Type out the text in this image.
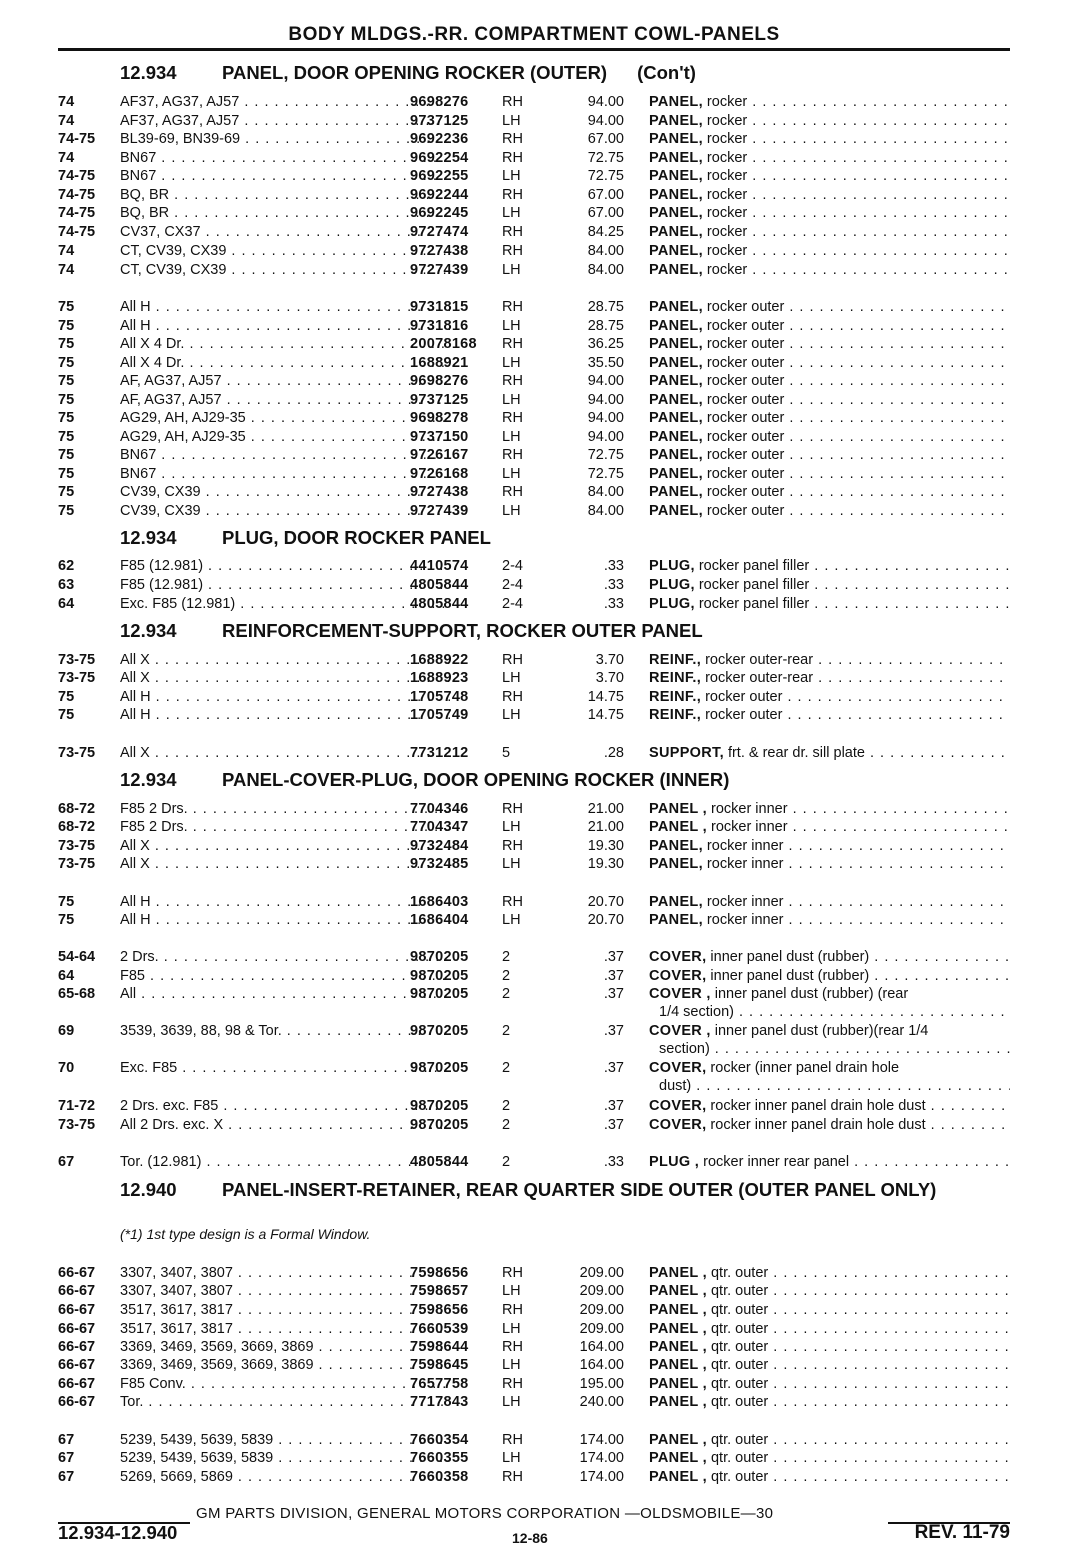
BODY MLDGS.-RR. COMPARTMENT COWL-PANELS
12.934 PANEL, DOOR OPENING ROCKER (OUTER) (Con't)
74	AF37, AG37, AJ57 . . .	9698276	RH	94.00 PANEL, rocker . . .
74	AF37, AG37, AJ57 . . .	9737125	LH	94.00 PANEL, rocker . . .
74-75	BL39-69, BN39-69 . . .	9692236	RH	67.00 PANEL, rocker . . .
74	BN67 . . .	9692254	RH	72.75 PANEL, rocker . . .
74-75	BN67 . . .	9692255	LH	72.75 PANEL, rocker . . .
74-75	BQ, BR . . .	9692244	RH	67.00 PANEL, rocker . . .
74-75	BQ, BR . . .	9692245	LH	67.00 PANEL, rocker . . .
74-75	CV37, CX37 . . .	9727474	RH	84.25 PANEL, rocker . . .
74	CT, CV39, CX39 . . .	9727438	RH	84.00 PANEL, rocker . . .
74	CT, CV39, CX39 . . .	9727439	LH	84.00 PANEL, rocker . . .
75	All H . . .	9731815	RH	28.75 PANEL, rocker outer . . .
75	All H . . .	9731816	LH	28.75 PANEL, rocker outer . . .
75	All X 4 Dr. . . .	20078168	RH	36.25 PANEL, rocker outer . . .
75	All X 4 Dr. . . .	1688921	LH	35.50 PANEL, rocker outer . . .
75	AF, AG37, AJ57 . . .	9698276	RH	94.00 PANEL, rocker outer . . .
75	AF, AG37, AJ57 . . .	9737125	LH	94.00 PANEL, rocker outer . . .
75	AG29, AH, AJ29-35 . . .	9698278	RH	94.00 PANEL, rocker outer . . .
75	AG29, AH, AJ29-35 . . .	9737150	LH	94.00 PANEL, rocker outer . . .
75	BN67 . . .	9726167	RH	72.75 PANEL, rocker outer . . .
75	BN67 . . .	9726168	LH	72.75 PANEL, rocker outer . . .
75	CV39, CX39 . . .	9727438	RH	84.00 PANEL, rocker outer . . .
75	CV39, CX39 . . .	9727439	LH	84.00 PANEL, rocker outer . . .
12.934 PLUG, DOOR ROCKER PANEL
62	F85 (12.981) . . .	4410574	2-4	.33 PLUG, rocker panel filler . . .
63	F85 (12.981) . . .	4805844	2-4	.33 PLUG, rocker panel filler . . .
64	Exc. F85 (12.981) . . .	4805844	2-4	.33 PLUG, rocker panel filler . . .
12.934 REINFORCEMENT-SUPPORT, ROCKER OUTER PANEL
73-75	All X . . .	1688922	RH	3.70 REINF., rocker outer-rear . . .
73-75	All X . . .	1688923	LH	3.70 REINF., rocker outer-rear . . .
75	All H . . .	1705748	RH	14.75 REINF., rocker outer . . .
75	All H . . .	1705749	LH	14.75 REINF., rocker outer . . .
73-75	All X . . .	7731212	5	.28 SUPPORT, frt. & rear dr. sill plate . . .
12.934 PANEL-COVER-PLUG, DOOR OPENING ROCKER (INNER)
68-72	F85 2 Drs. . . .	7704346	RH	21.00 PANEL , rocker inner . . .
68-72	F85 2 Drs. . . .	7704347	LH	21.00 PANEL , rocker inner . . .
73-75	All X . . .	9732484	RH	19.30 PANEL, rocker inner . . .
73-75	All X . . .	9732485	LH	19.30 PANEL, rocker inner . . .
75	All H . . .	1686403	RH	20.70 PANEL, rocker inner . . .
75	All H . . .	1686404	LH	20.70 PANEL, rocker inner . . .
54-64	2 Drs. . . .	9870205	2	.37 COVER, inner panel dust (rubber) . . .
64	F85 . . .	9870205	2	.37 COVER, inner panel dust (rubber) . . .
65-68	All . . .	9870205	2	.37 COVER , inner panel dust (rubber) (rear
1/4 section) . . .
69	3539, 3639, 88, 98 & Tor. . . .	9870205	2	.37 COVER , inner panel dust (rubber)(rear 1/4
section) . . .
70	Exc. F85 . . .	9870205	2	.37 COVER, rocker (inner panel drain hole
dust) . . .
71-72	2 Drs. exc. F85 . . .	9870205	2	.37 COVER, rocker inner panel drain hole dust . . .
73-75	All 2 Drs. exc. X . . .	9870205	2	.37 COVER, rocker inner panel drain hole dust . . .
67	Tor. (12.981) . . .	4805844	2	.33 PLUG , rocker inner rear panel . . .
12.940 PANEL-INSERT-RETAINER, REAR QUARTER SIDE OUTER (OUTER PANEL ONLY)
(*1) 1st type design is a Formal Window.
66-67	3307, 3407, 3807 . . .	7598656	RH	209.00 PANEL , qtr. outer . . .
66-67	3307, 3407, 3807 . . .	7598657	LH	209.00 PANEL , qtr. outer . . .
66-67	3517, 3617, 3817 . . .	7598656	RH	209.00 PANEL , qtr. outer . . .
66-67	3517, 3617, 3817 . . .	7660539	LH	209.00 PANEL , qtr. outer . . .
66-67	3369, 3469, 3569, 3669, 3869 . . .	7598644	RH	164.00 PANEL , qtr. outer . . .
66-67	3369, 3469, 3569, 3669, 3869 . . .	7598645	LH	164.00 PANEL , qtr. outer . . .
66-67	F85 Conv. . . .	7657758	RH	195.00 PANEL , qtr. outer . . .
66-67	Tor. . . .	7717843	LH	240.00 PANEL , qtr. outer . . .
67	5239, 5439, 5639, 5839 . . .	7660354	RH	174.00 PANEL , qtr. outer . . .
67	5239, 5439, 5639, 5839 . . .	7660355	LH	174.00 PANEL , qtr. outer . . .
67	5269, 5669, 5869 . . .	7660358	RH	174.00 PANEL , qtr. outer . . .
GM PARTS DIVISION, GENERAL MOTORS CORPORATION —OLDSMOBILE—30
12.934-12.940	12-86	REV. 11-79
